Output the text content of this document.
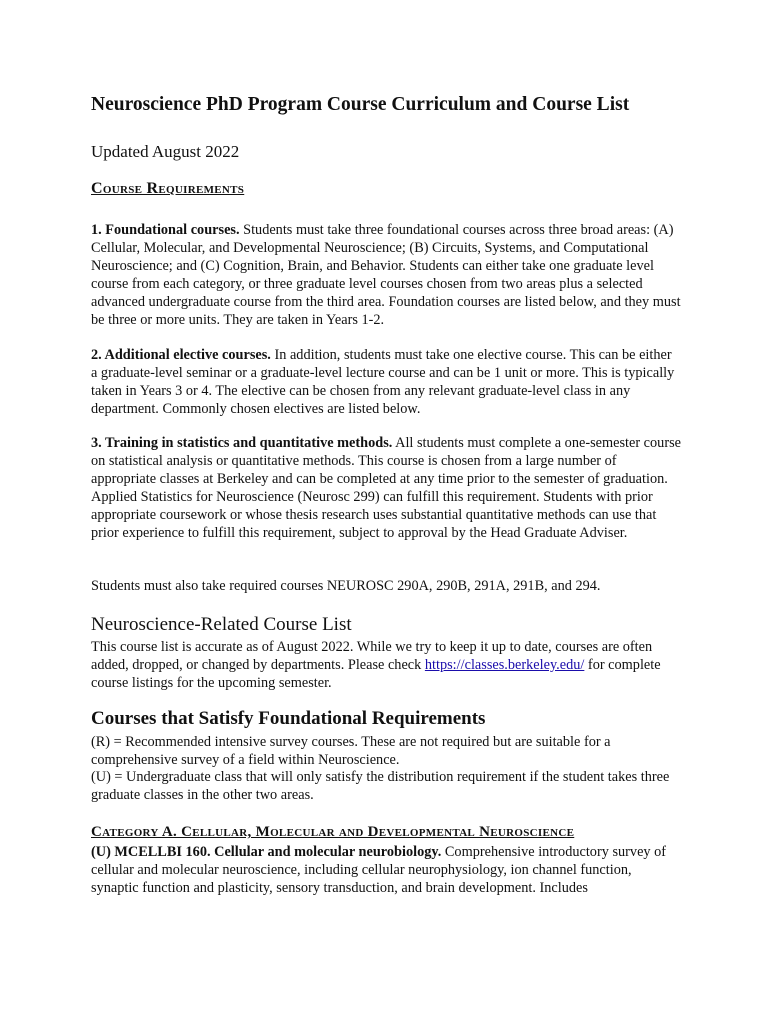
Neuroscience PhD Program Course Curriculum and Course List
Updated August 2022
Course Requirements
1. Foundational courses. Students must take three foundational courses across three broad areas: (A) Cellular, Molecular, and Developmental Neuroscience; (B) Circuits, Systems, and Computational Neuroscience; and (C) Cognition, Brain, and Behavior. Students can either take one graduate level course from each category, or three graduate level courses chosen from two areas plus a selected advanced undergraduate course from the third area. Foundation courses are listed below, and they must be three or more units. They are taken in Years 1-2.
2. Additional elective courses. In addition, students must take one elective course. This can be either a graduate-level seminar or a graduate-level lecture course and can be 1 unit or more. This is typically taken in Years 3 or 4. The elective can be chosen from any relevant graduate-level class in any department. Commonly chosen electives are listed below.
3. Training in statistics and quantitative methods. All students must complete a one-semester course on statistical analysis or quantitative methods. This course is chosen from a large number of appropriate classes at Berkeley and can be completed at any time prior to the semester of graduation. Applied Statistics for Neuroscience (Neurosc 299) can fulfill this requirement. Students with prior appropriate coursework or whose thesis research uses substantial quantitative methods can use that prior experience to fulfill this requirement, subject to approval by the Head Graduate Adviser.
Students must also take required courses NEUROSC 290A, 290B, 291A, 291B, and 294.
Neuroscience-Related Course List
This course list is accurate as of August 2022. While we try to keep it up to date, courses are often added, dropped, or changed by departments. Please check https://classes.berkeley.edu/ for complete course listings for the upcoming semester.
Courses that Satisfy Foundational Requirements
(R) = Recommended intensive survey courses. These are not required but are suitable for a comprehensive survey of a field within Neuroscience.
(U) = Undergraduate class that will only satisfy the distribution requirement if the student takes three graduate classes in the other two areas.
Category A. Cellular, Molecular and Developmental Neuroscience
(U) MCELLBI 160. Cellular and molecular neurobiology. Comprehensive introductory survey of cellular and molecular neuroscience, including cellular neurophysiology, ion channel function, synaptic function and plasticity, sensory transduction, and brain development. Includes
